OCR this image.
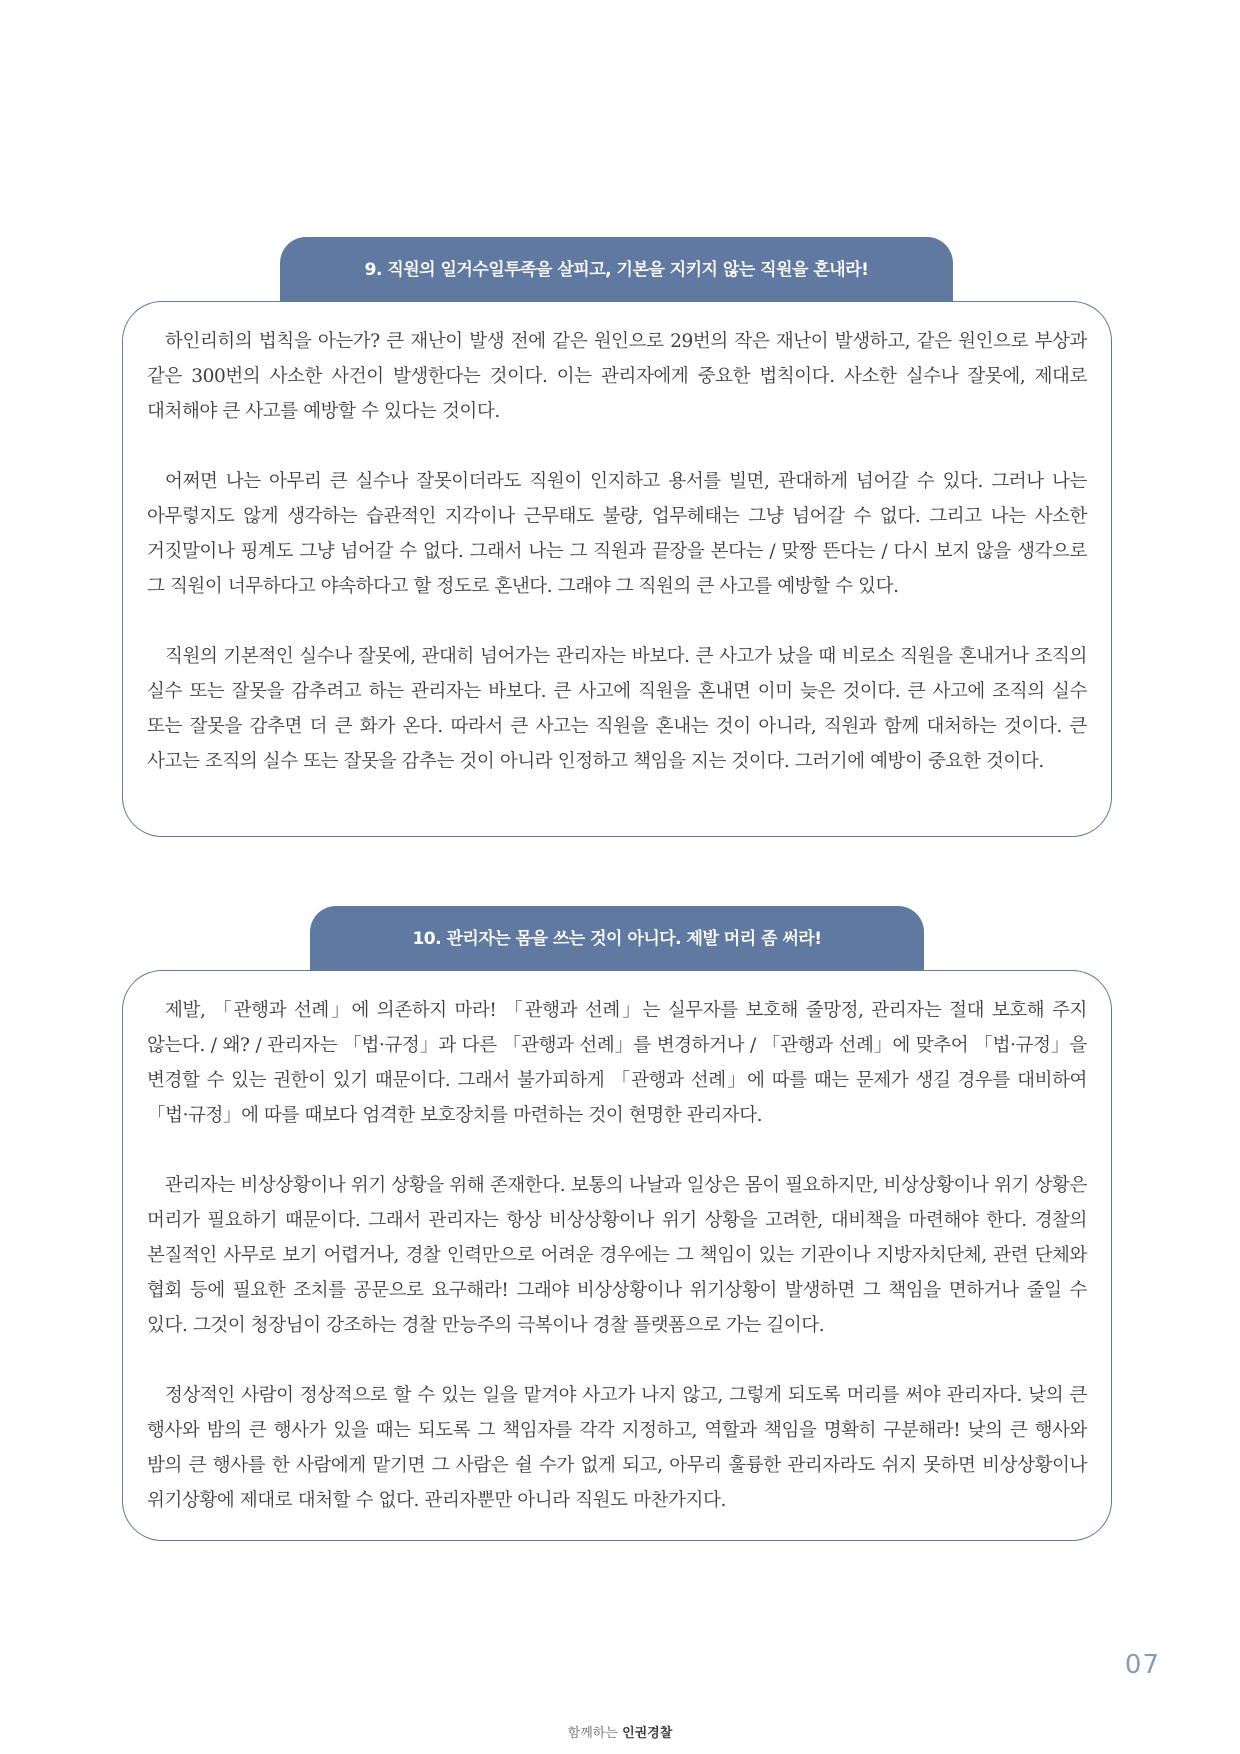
9. 직원의 일거수일투족을 살피고, 기본을 지키지 않는 직원을 혼내라!

하인리히의 법칙을 아는가? 큰 재난이 발생 전에 같은 원인으로 29번의 작은 재난이 발생하고, 같은 원인으로 부상과 같은 300번의 사소한 사건이 발생한다는 것이다. 이는 관리자에게 중요한 법칙이다. 사소한 실수나 잘못에, 제대로 대처해야 큰 사고를 예방할 수 있다는 것이다.

어쩌면 나는 아무리 큰 실수나 잘못이더라도 직원이 인지하고 용서를 빌면, 관대하게 넘어갈 수 있다. 그러나 나는 아무렇지도 않게 생각하는 습관적인 지각이나 근무태도 불량, 업무헤태는 그냥 넘어갈 수 없다. 그리고 나는 사소한 거짓말이나 핑계도 그냥 넘어갈 수 없다. 그래서 나는 그 직원과 끝장을 본다는 / 맞짱 뜬다는 / 다시 보지 않을 생각으로 그 직원이 너무하다고 야속하다고 할 정도로 혼낸다. 그래야 그 직원의 큰 사고를 예방할 수 있다.

직원의 기본적인 실수나 잘못에, 관대히 넘어가는 관리자는 바보다. 큰 사고가 났을 때 비로소 직원을 혼내거나 조직의 실수 또는 잘못을 감추려고 하는 관리자는 바보다. 큰 사고에 직원을 혼내면 이미 늦은 것이다. 큰 사고에 조직의 실수 또는 잘못을 감추면 더 큰 화가 온다. 따라서 큰 사고는 직원을 혼내는 것이 아니라, 직원과 함께 대처하는 것이다. 큰 사고는 조직의 실수 또는 잘못을 감추는 것이 아니라 인정하고 책임을 지는 것이다. 그러기에 예방이 중요한 것이다.

10. 관리자는 몸을 쓰는 것이 아니다. 제발 머리 좀 써라!

제발, 「관행과 선례」에 의존하지 마라! 「관행과 선례」는 실무자를 보호해 줄망정, 관리자는 절대 보호해 주지 않는다. / 왜? / 관리자는 「법·규정」과 다른 「관행과 선례」를 변경하거나 / 「관행과 선례」에 맞추어 「법·규정」을 변경할 수 있는 권한이 있기 때문이다. 그래서 불가피하게 「관행과 선례」에 따를 때는 문제가 생길 경우를 대비하여 「법·규정」에 따를 때보다 엄격한 보호장치를 마련하는 것이 현명한 관리자다.

관리자는 비상상황이나 위기 상황을 위해 존재한다. 보통의 나날과 일상은 몸이 필요하지만, 비상상황이나 위기 상황은 머리가 필요하기 때문이다. 그래서 관리자는 항상 비상상황이나 위기 상황을 고려한, 대비책을 마련해야 한다. 경찰의 본질적인 사무로 보기 어렵거나, 경찰 인력만으로 어려운 경우에는 그 책임이 있는 기관이나 지방자치단체, 관련 단체와 협회 등에 필요한 조치를 공문으로 요구해라! 그래야 비상상황이나 위기상황이 발생하면 그 책임을 면하거나 줄일 수 있다. 그것이 청장님이 강조하는 경찰 만능주의 극복이나 경찰 플랫폼으로 가는 길이다.

정상적인 사람이 정상적으로 할 수 있는 일을 맡겨야 사고가 나지 않고, 그렇게 되도록 머리를 써야 관리자다. 낮의 큰 행사와 밤의 큰 행사가 있을 때는 되도록 그 책임자를 각각 지정하고, 역할과 책임을 명확히 구분해라! 낮의 큰 행사와 밤의 큰 행사를 한 사람에게 맡기면 그 사람은 쉴 수가 없게 되고, 아무리 훌륭한 관리자라도 쉬지 못하면 비상상황이나 위기상황에 제대로 대처할 수 없다. 관리자뿐만 아니라 직원도 마찬가지다.

07
함께하는 인권경찰
